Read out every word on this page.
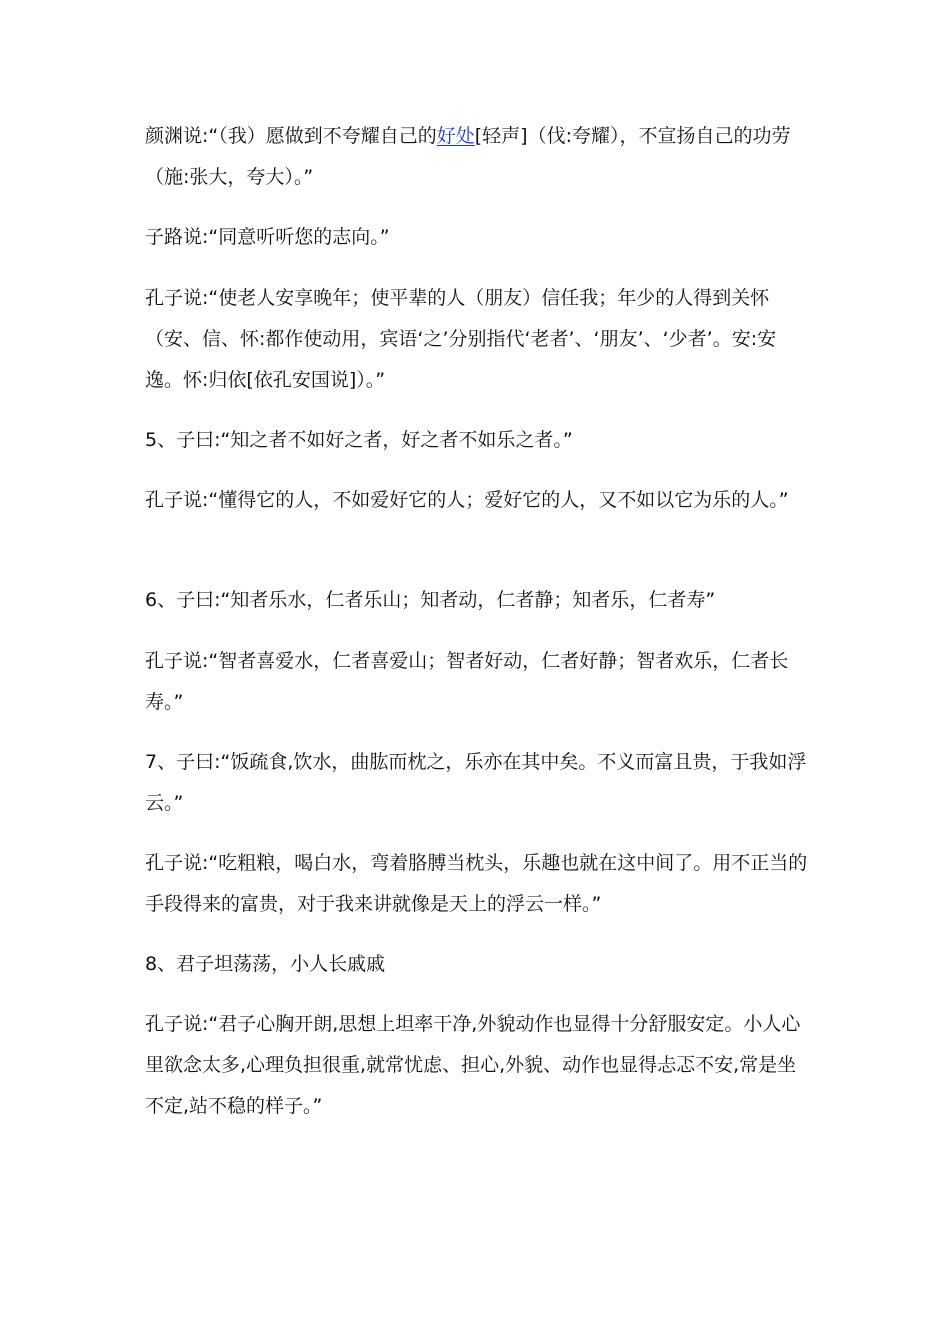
颜渊说:“（我）愿做到不夸耀自己的好处[轻声]（伐:夸耀），不宣扬自己的功劳（施:张大，夸大）。”

子路说:“同意听听您的志向。”

孔子说:“使老人安享晚年；使平辈的人（朋友）信任我；年少的人得到关怀（安、信、怀:都作使动用，宾语‘之’分别指代‘老者’、‘朋友’、‘少者’。安:安逸。怀:归依[依孔安国说]）。”

5、子曰:“知之者不如好之者，好之者不如乐之者。”

孔子说:“懂得它的人，不如爱好它的人；爱好它的人，又不如以它为乐的人。”

6、子曰:“知者乐水，仁者乐山；知者动，仁者静；知者乐，仁者寿”

孔子说:“智者喜爱水，仁者喜爱山；智者好动，仁者好静；智者欢乐，仁者长寿。”

7、子曰:“饭疏食,饮水，曲肱而枕之，乐亦在其中矣。不义而富且贵，于我如浮云。”

孔子说:“吃粗粮，喝白水，弯着胳膊当枕头，乐趣也就在这中间了。用不正当的手段得来的富贵，对于我来讲就像是天上的浮云一样。”

8、君子坦荡荡，小人长戚戚

孔子说:“君子心胸开朗,思想上坦率干净,外貌动作也显得十分舒服安定。小人心里欲念太多,心理负担很重,就常忧虑、担心,外貌、动作也显得忐忑不安,常是坐不定,站不稳的样子。”
